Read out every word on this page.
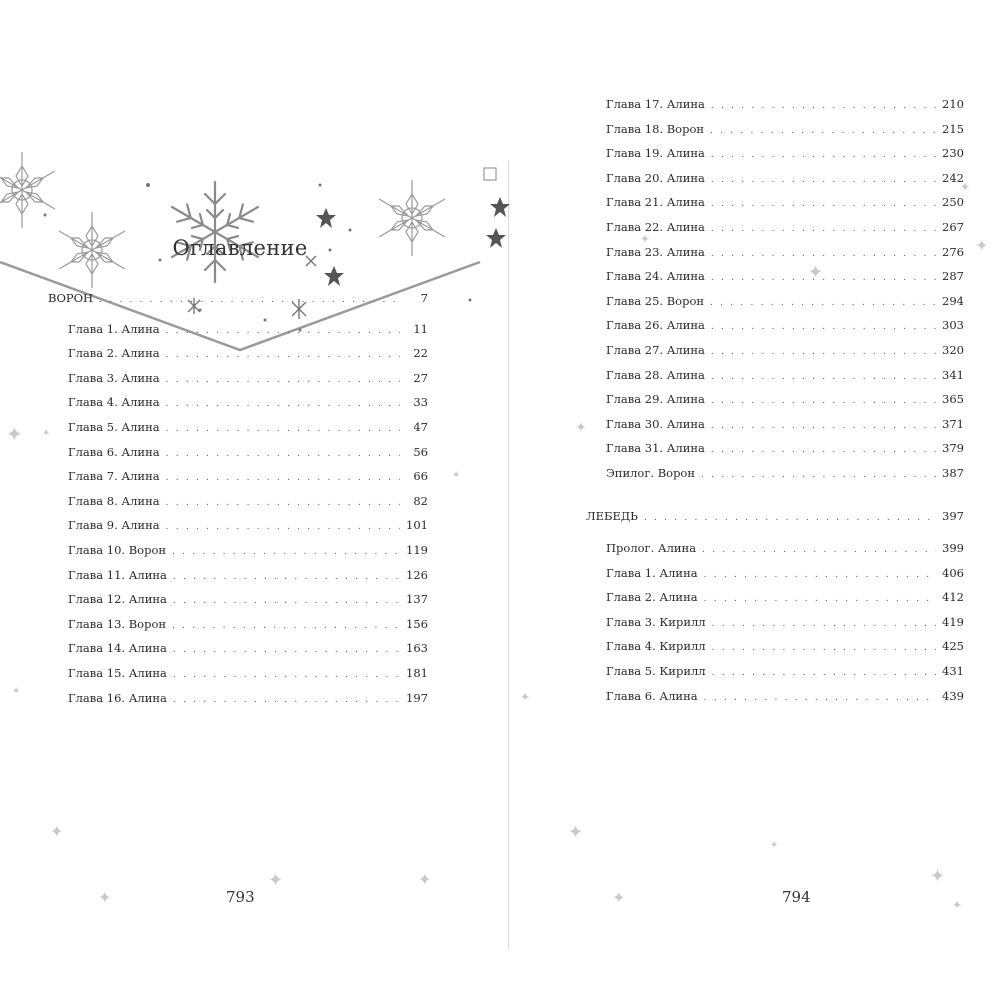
✦ ✦
✦
✦
✦
✦	✦
✦
✦
✦
✦
✦
✦
✦
✦
✦
✦
✦
✦
Оглавление
ВОРОН . . .	7
Глава 1. Алина . . .	11
Глава 2. Алина . . .	22
Глава 3. Алина . . .	27
Глава 4. Алина . . .	33
Глава 5. Алина . . .	47
Глава 6. Алина . . .	56
Глава 7. Алина . . .	66
Глава 8. Алина . . .	82
Глава 9. Алина . . .	101
Глава 10. Ворон . . .	119
Глава 11. Алина . . .	126
Глава 12. Алина . . .	137
Глава 13. Ворон . . .	156
Глава 14. Алина . . .	163
Глава 15. Алина . . .	181
Глава 16. Алина . . .	197
Глава 17. Алина . . .	210
Глава 18. Ворон . . .	215
Глава 19. Алина . . .	230
Глава 20. Алина . . .	242
Глава 21. Алина . . .	250
Глава 22. Алина . . .	267
Глава 23. Алина . . .	276
Глава 24. Алина . . .	287
Глава 25. Ворон . . .	294
Глава 26. Алина . . .	303
Глава 27. Алина . . .	320
Глава 28. Алина . . .	341
Глава 29. Алина . . .	365
Глава 30. Алина . . .	371
Глава 31. Алина . . .	379
Эпилог. Ворон . . .	387
ЛЕБЕДЬ . . .	397
Пролог. Алина . . .	399
Глава 1. Алина . . .	406
Глава 2. Алина . . .	412
Глава 3. Кирилл . . .	419
Глава 4. Кирилл . . .	425
Глава 5. Кирилл . . .	431
Глава 6. Алина . . .	439

793	794
